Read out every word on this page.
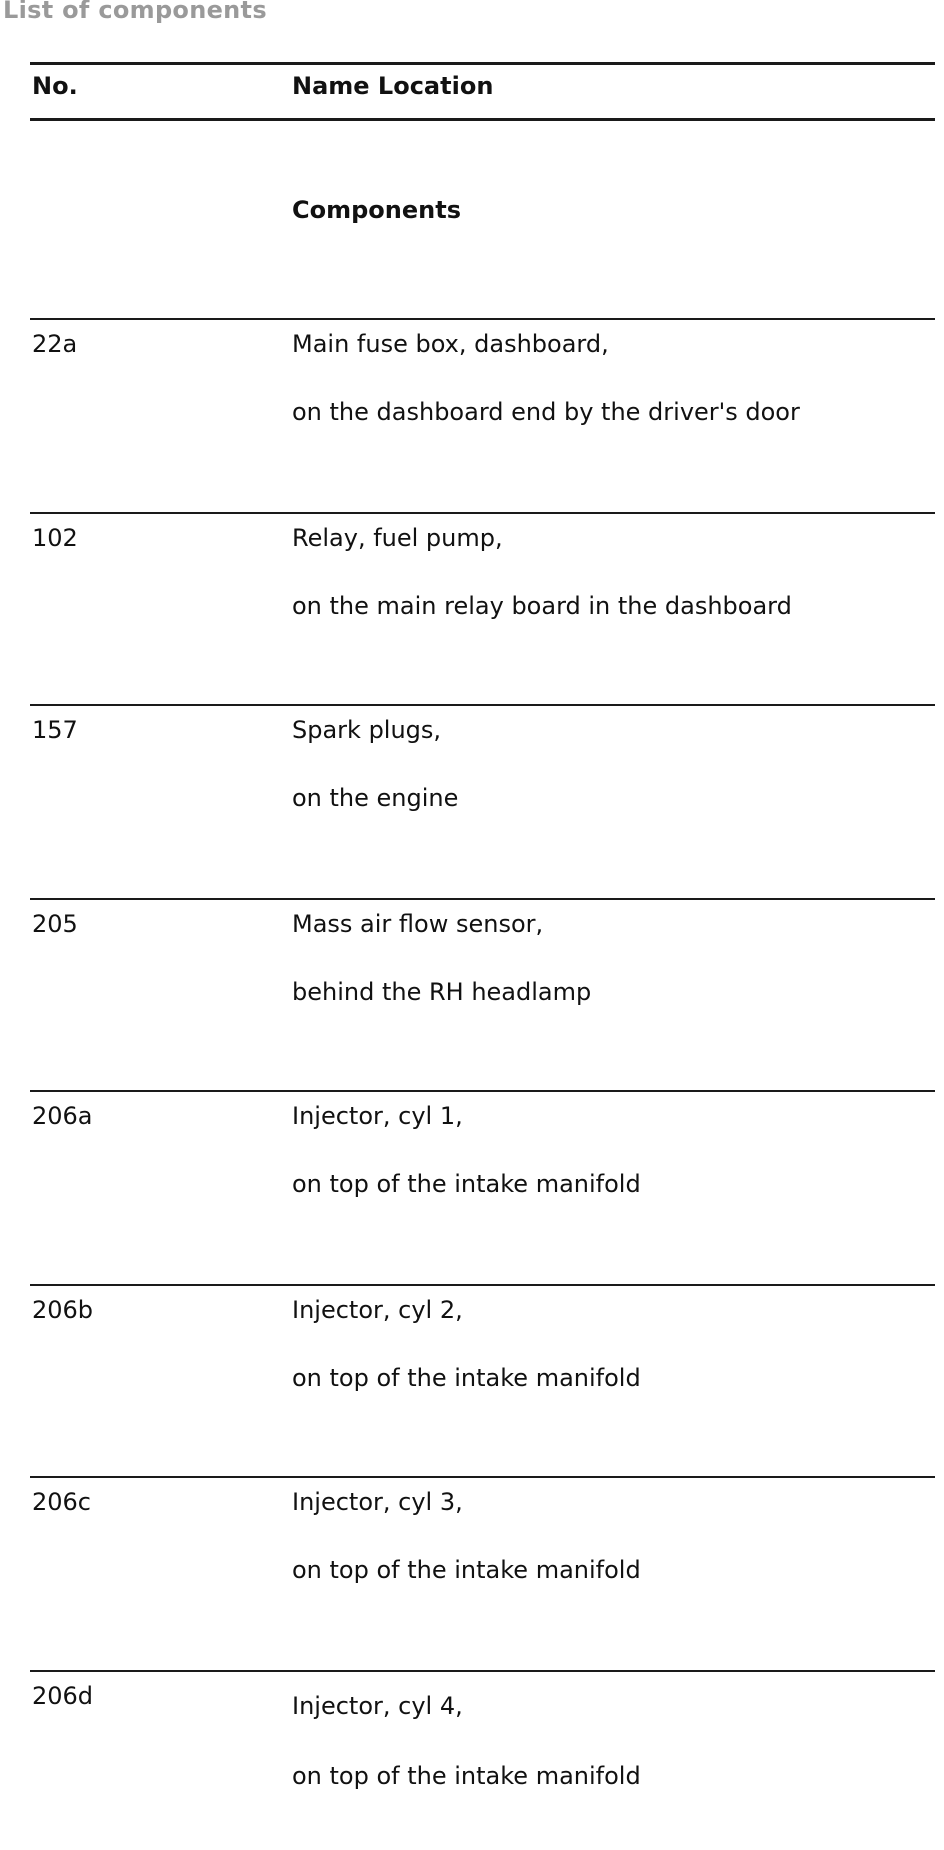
List of components
No.	Name Location
Components
22a	Main fuse box, dashboard,
on the dashboard end by the driver's door
102	Relay, fuel pump,
on the main relay board in the dashboard
157	Spark plugs,
on the engine
205	Mass air flow sensor,
behind the RH headlamp
206a	Injector, cyl 1,
on top of the intake manifold
206b	Injector, cyl 2,
on top of the intake manifold
206c	Injector, cyl 3,
on top of the intake manifold
206d	Injector, cyl 4,
on top of the intake manifold
